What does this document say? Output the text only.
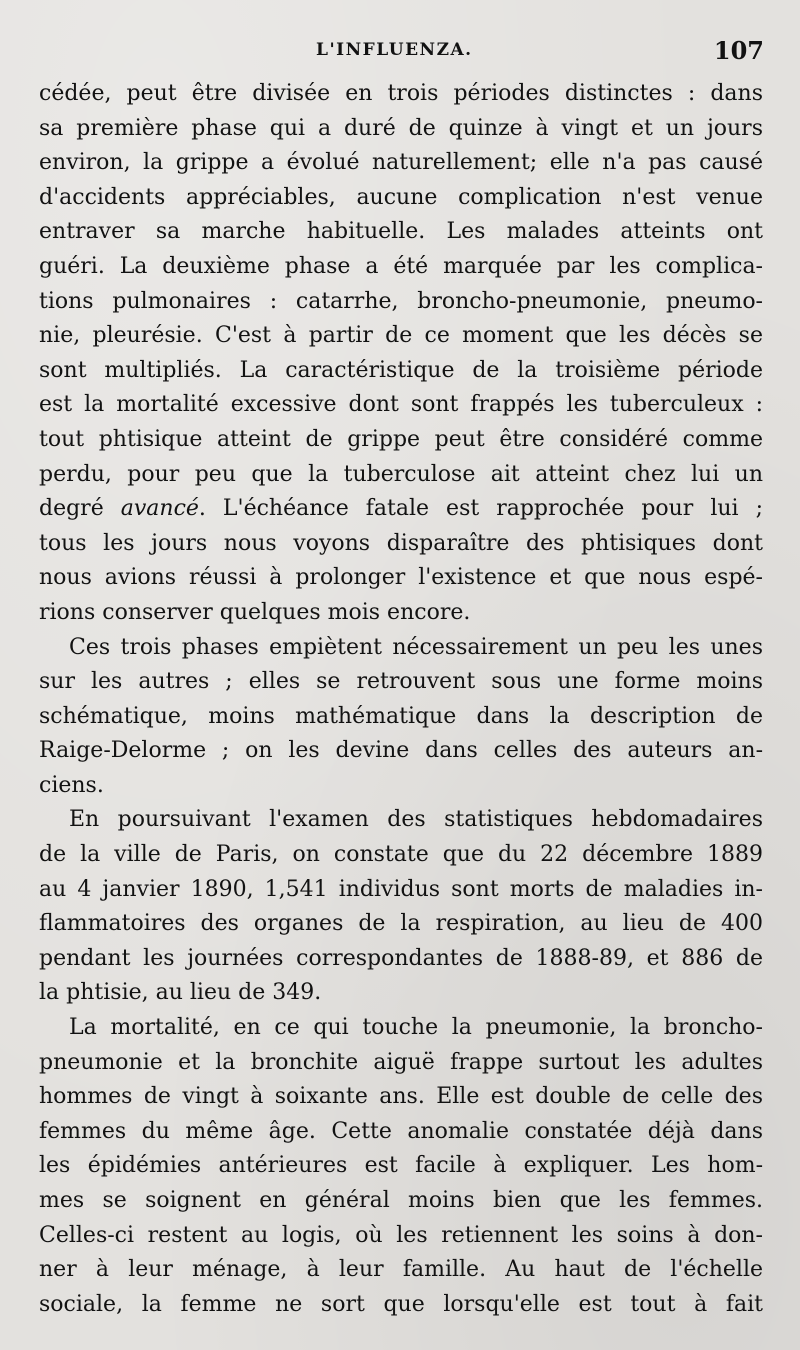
L'INFLUENZA.	107
cédée, peut être divisée en trois périodes distinctes : dans
sa première phase qui a duré de quinze à vingt et un jours
environ, la grippe a évolué naturellement; elle n'a pas causé
d'accidents appréciables, aucune complication n'est venue
entraver sa marche habituelle. Les malades atteints ont
guéri. La deuxième phase a été marquée par les complica-
tions pulmonaires : catarrhe, broncho-pneumonie, pneumo-
nie, pleurésie. C'est à partir de ce moment que les décès se
sont multipliés. La caractéristique de la troisième période
est la mortalité excessive dont sont frappés les tuberculeux :
tout phtisique atteint de grippe peut être considéré comme
perdu, pour peu que la tuberculose ait atteint chez lui un
degré avancé. L'échéance fatale est rapprochée pour lui ;
tous les jours nous voyons disparaître des phtisiques dont
nous avions réussi à prolonger l'existence et que nous espé-
rions conserver quelques mois encore.
Ces trois phases empiètent nécessairement un peu les unes
sur les autres ; elles se retrouvent sous une forme moins
schématique, moins mathématique dans la description de
Raige-Delorme ; on les devine dans celles des auteurs an-
ciens.
En poursuivant l'examen des statistiques hebdomadaires
de la ville de Paris, on constate que du 22 décembre 1889
au 4 janvier 1890, 1,541 individus sont morts de maladies in-
flammatoires des organes de la respiration, au lieu de 400
pendant les journées correspondantes de 1888-89, et 886 de
la phtisie, au lieu de 349.
La mortalité, en ce qui touche la pneumonie, la broncho-
pneumonie et la bronchite aiguë frappe surtout les adultes
hommes de vingt à soixante ans. Elle est double de celle des
femmes du même âge. Cette anomalie constatée déjà dans
les épidémies antérieures est facile à expliquer. Les hom-
mes se soignent en général moins bien que les femmes.
Celles-ci restent au logis, où les retiennent les soins à don-
ner à leur ménage, à leur famille. Au haut de l'échelle
sociale, la femme ne sort que lorsqu'elle est tout à fait
